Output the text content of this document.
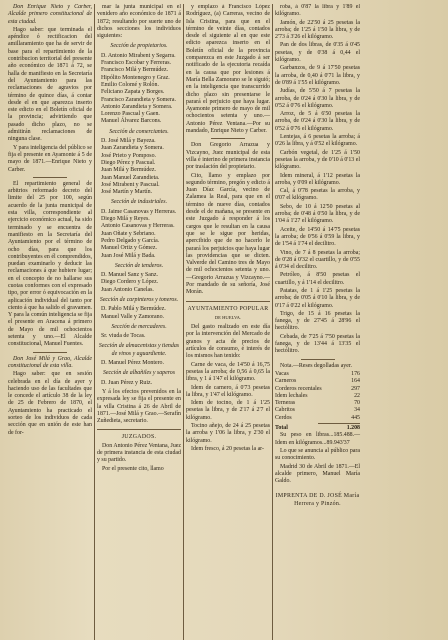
Don Enrique Nieto y Carber, Alcalde primero constitucional de esta ciudad.

Hago saber: que terminada el apéndice ó rectificacion del amillaramiento que ha de servir de base para el repartimiento de la contribucion territorial del presente año económico de 1871 á 72, se halla de manifiesto en la Secretaría del Ayuntamiento para las reclamaciones de agravios por término de quince días, á contar desde el en que aparezca inserto este edicto en el Boletín oficial de la provincia; advirtiendo que pasado dicho plazo, no se admitirán reclamaciones de ninguna clase.

Y para inteligencia del público se fija el presente en Ayamonte á 5 de mayo de 1871.—Enrique Nieto y Carber.

El repartimiento general de arbitrios reformado decreto del limite del 25 por 100, según acuerdo de la junta municipal de esta villa, correspondiente al ejercicio económico actual, ha sido terminado y se encuentra de manifiesto en la Secretaría del Ayuntamiento por el término de ocho días, para que los contribuyentes en él comprendidos, puedan examinarlo y deducir las reclamaciones á que hubiere lugar; en el concepto de no hallarse sus cuotas conformes con el expresado tipo, por error ó equivocación en la aplicación individual del tanto por ciento á que ha salido el gravamen. Y para la común inteligencia se fija el presente en Aracena á primero de Mayo de mil ochocientos setenta y uno.—El Alcalde constitucional, Manuel Fuentes.

Don José Milá y Grao, Alcalde constitucional de esta villa.

Hago saber: que en sesión celebrada en el día de ayer y haciendo uso de las facultades que le concede el artículo 38 de la ley de 25 de Febrero de 1870, el Ayuntamiento ha practicado el sorteo de los individuos de cada sección que en unión de este han de for-

mar la junta municipal en el venidero año económico de 1871 á 1872; resultando por suerte uno de dichos secciones los individuos siguientes:

Sección de propietarios.
D. Antonio Mirabent y Segarra.
Francisco Escobar y Ferreras.
Francisco Milá y Bermúdez.
Hipólito Montenegro y Graz.
Emilio Colomé y Rolón.
Feliciano Zapata y Borges.
Francisco Zarandieta y Somera.
Antonio Zarandieta y Somera.
Lorenzo Pascual y Gaen.
Manuel Álvarez Barcons.
Sección de comerciantes.
D. José Milá y Bayeza.
Juan Zarandieta y Somera.
José Prieto y Pomposo.
Diego Pérez y Pascual.
Juan Milá y Bermúdez.
Juan Manuel Zarandieta.
José Mirabent y Pascual.
José Martín y Martín.
Sección de industriales.
D. Jaime Casanovas y Herreras.
Diego Milá y Reyes.
Antonio Casanovas y Herreras.
Juan Oñate y Sebriano.
Pedro Delgado y García.
Manuel Ortiz y Gómez.
Juan José Milá y Bada.
Sección de tenderos.
D. Manuel Sanz y Sanz.
Diego Cordero y López.
Juan Antonio Canelas.
Sección de carpinteros y toneros.
D. Pablo Milá y Bermúdez.
Manuel Valle y Zamorano.
Sección de mercaderes.
Sr. viuda de Tocas.
Sección de almacenistas y tiendas de vinos y aguardiente.
D. Manuel Pérez Montero.
Sección de albañiles y saperos
D. Juan Pérez y Ruiz.

Y á los efectos prevenidos en la expresada ley se fija el presente en la villa Cristina á 26 de Abril de 1871.—José Milá y Grao.—Serafín Zuñedieta, secretario.

JUZGADOS.

Don Antonio Pérez Ventana, Juez de primera instancia de esta ciudad y su partido.

Por el presente cito, llamo

y emplazo á Francisco López Rodríguez, (a) Carreras, vecino de Isla Cristina, para que en el término de veinte días, contados desde el siguiente al en que este edicto aparezca inserto en el Boletín oficial de la provincia comparezca en este Juzgado á ser notificado de la ejecutoria recaída en la causa que por lesiones á María Bella Zamorano se le siguió; en la inteligencia que transcurrido dicho plazo sin presentarse le parará el perjuicio que haya lugar. Ayamonte primero de mayo de mil ochocientos setenta y uno.—Antonio Pérez Ventana.—Por su mandado, Enrique Nieto y Carber.

Don Gregorio Arrazua y Vizcayno, Juez municipal de esta villa é interino de primera instancia por traslación del propietario.

Cito, llamo y emplazo por segundo término, pregón y edicto á Juan Díaz García, vecino de Zalamea la Real, para que en el término de nueve días, contados desde el de mañana, se presente en este Juzgado á responder á los cargos que le resultan en la causa que se le sigue por heridas, apercibido que de no hacerlo le parará los perjuicios que haya lugar las providencias que se dicten. Valverde del Camino tres de Mayo de mil ochocientos setenta y uno.—Gregorio Arrazua y Vizcayno.—Por mandado de su señoría, José Morán.

AYUNTAMIENTO POPULAR
DE HUELVA.

Del gasto realizado en este día por la intervención del Mercado de granos y acta de precios de artículos de consumo, é interés de los mismos han tenido:

Carne de vaca, de 14'50 á 16,75 pesetas la arroba; de 0,56 á 0,65 la libra, y 1 á 1'47 el kilógramo.

Idem de carnero, á 0'73 pesetas la libra, y 1'47 el kilógramo.

Idem de tocino, de 1 á 1'25 pesetas la libra, y de 2'17 á 2'7 el kilógramo.

Tocino añejo, de 24 á 25 pesetas la arroba y 1'06 la libra, y 2'30 el kilógramo.

Idem fresco, á 20 pesetas la ar-

roba, á 0'87 la libra y 1'89 el kilógramo.

Jamón, de 22'50 á 25 pesetas la arroba; de 1'25 á 1'50 la libra, y de 2'73 á 3'26 el kilógramo.

Pan de dos libras, de 0'35 á 0'45 pesetas, y de 0'38 á 0,44 el kilógramo.

Garbanzos, de 9 á 17'50 pesetas la arroba, de 0,40 á 0'71 la libra, y de 0'89 á 1'55 el kilógramo.

Judías, de 5'50 á 7 pesetas la arroba, de 0'24 á 0'30 la libra, y de 0'52 á 0'76 el kilógramo.

Arroz, de 5 á 6'50 pesetas la arroba, de 0'24 á 0'30 la libra, y de 0'52 á 0'76 el kilógramo.

Lentejas, á 6 pesetas la arroba; á 0'26 la libra, y á 0'52 el kilógramo.

Carbón vegetal, de 1'25 á 1'50 pesetas la arroba, y de 0'10 á 0'13 el kilógramo.

Idem mineral, á 1'12 pesetas la arroba, y 0'09 el kilógramo.

Cal, á 0'78 pesetas la arroba, y 0'07 el kilógramo.

Sebo, de 10 á 12'50 pesetas al arroba; de 0'48 á 0'50 la libra, y de 1'04 á 1'27 el kilógramo.

Aceite, de 14'50 á 14'75 pesetas la arroba; de 0'56 á 0'59 la libra, y de 1'54 á 1'74 el decilitro.

Vino, de 7 á 8 pesetas la arroba; de 0'28 á 0'32 el cuartillo, y de 0'55 á 0'34 el decilitro.

Petróleo, á 8'50 pesetas el cuartillo, y á 1'14 el decilitro.

Patatas, de 1 á 1'25 pesetas la arroba; de 0'05 á 0'10 la libra, y de 0'17 á 0'22 el kilógramo.

Trigo, de 15 á 16 pesetas la fanega, y de 27'45 á 28'96 el hectólitro.

Cebada, de 7'25 á 7'50 pesetas la fanega, y de 13'44 á 13'35 el hectólitro.

Nota.—Reses degolladas ayer.
Vacas	176
Carneros	164
Corderos recentales	297
Idem lechales	22
Terneras	70
Cabritos	34
Cerdos	445
Total	1.208

Su peso en libras...185.488.—Idem en kilógramos...89.943'37

Lo que se anuncia al público para su conocimiento.

Madrid 30 de Abril de 1871.—El alcalde primero, Manuel María Galdo.

IMPRENTA DE D. JOSÉ María Herrera y Pinzón.
